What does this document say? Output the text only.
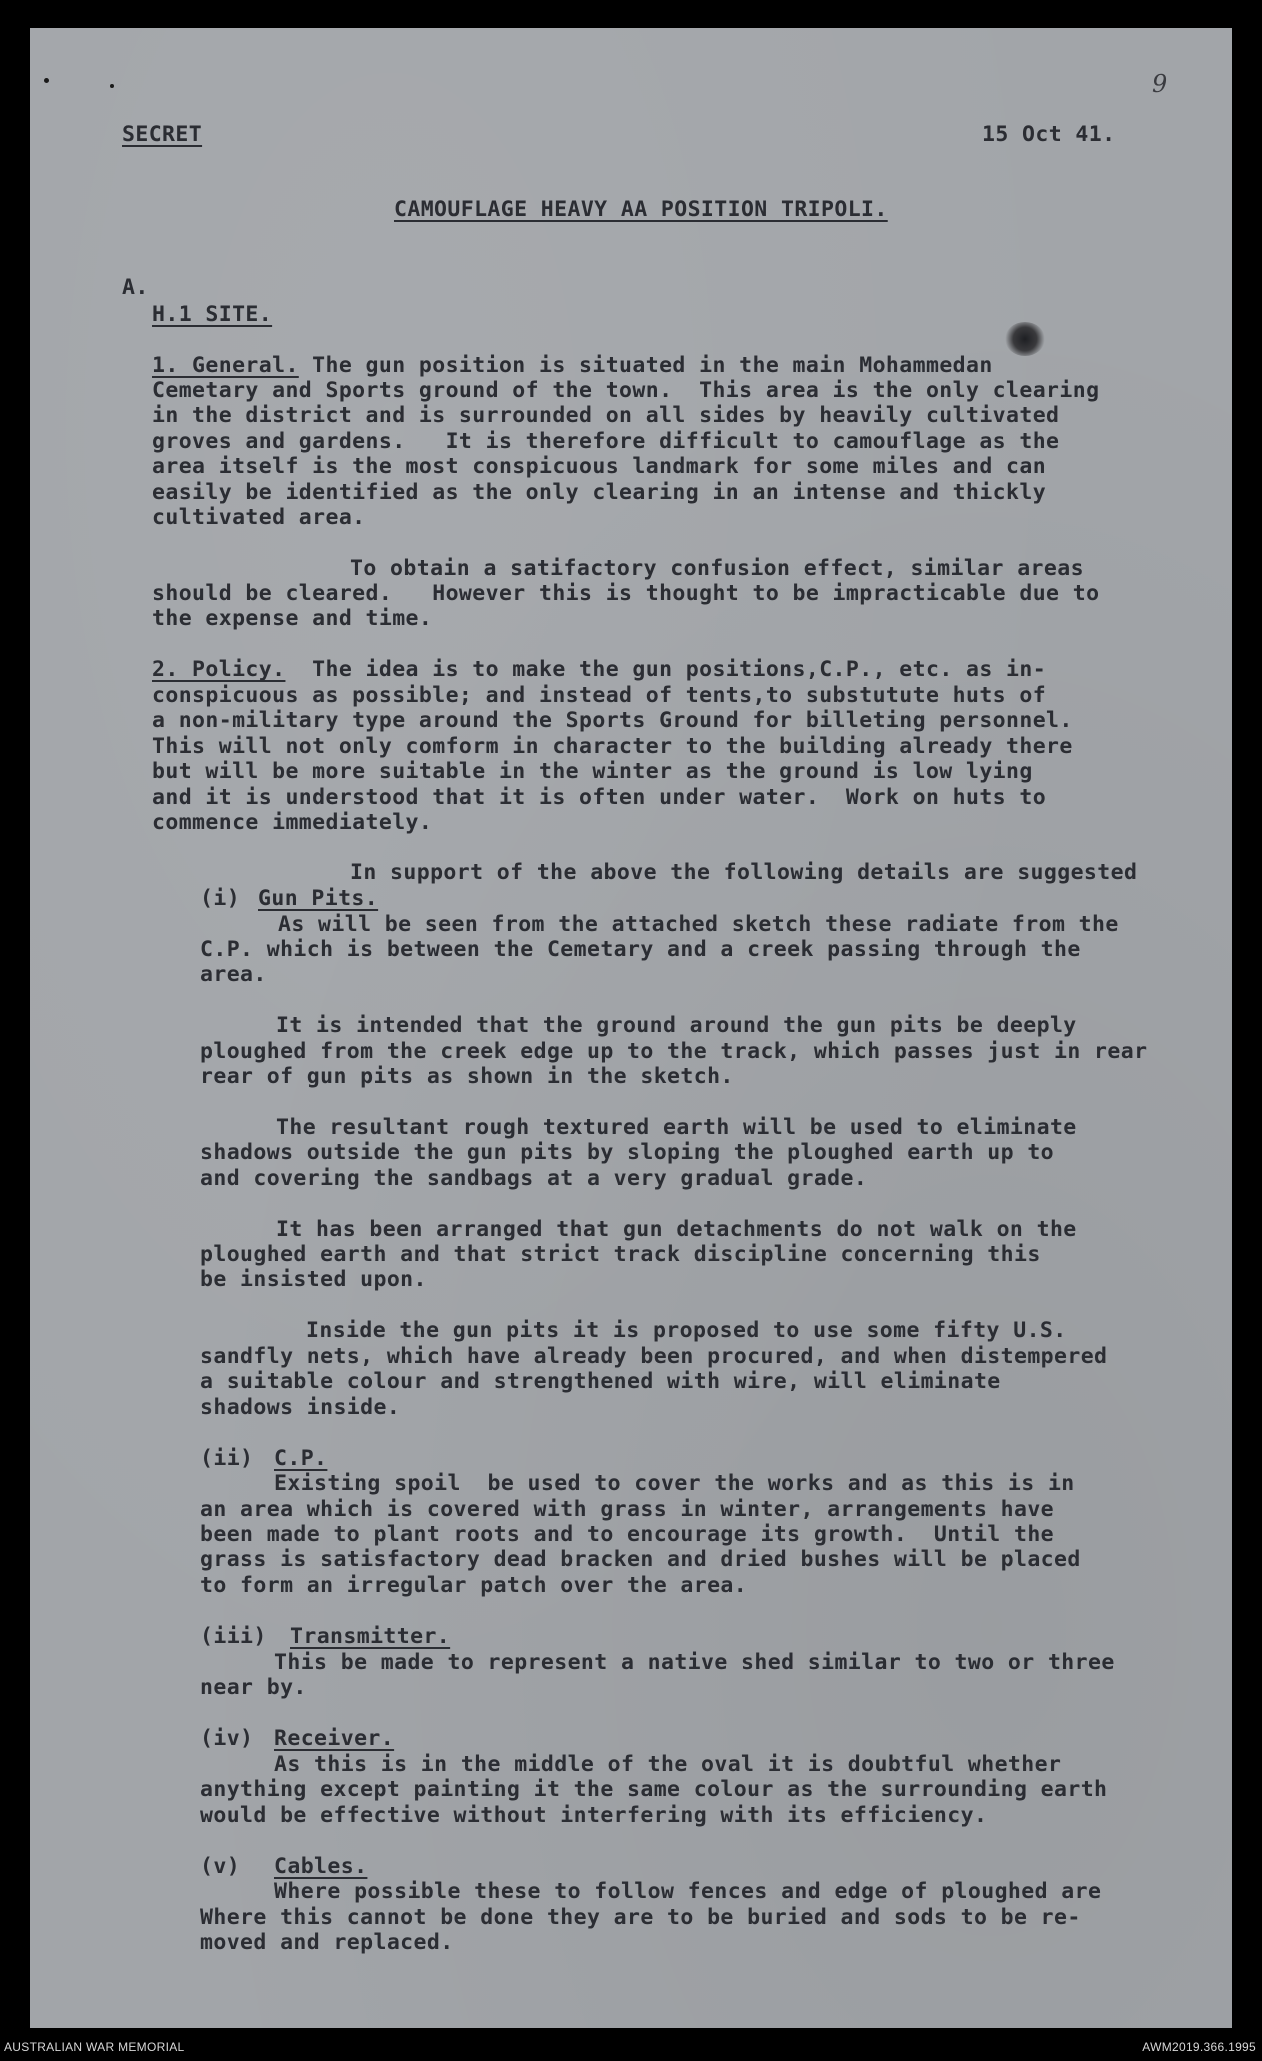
9
SECRET	15 Oct 41.
CAMOUFLAGE HEAVY AA POSITION TRIPOLI.
A.
H.1 SITE.
1. General. The gun position is situated in the main Mohammedan
Cemetary and Sports ground of the town.  This area is the only clearing
in the district and is surrounded on all sides by heavily cultivated
groves and gardens.   It is therefore difficult to camouflage as the
area itself is the most conspicuous landmark for some miles and can
easily be identified as the only clearing in an intense and thickly
cultivated area.
To obtain a satifactory confusion effect, similar areas
should be cleared.   However this is thought to be impracticable due to
the expense and time.
2. Policy.  The idea is to make the gun positions,C.P., etc. as in-
conspicuous as possible; and instead of tents,to substutute huts of
a non-military type around the Sports Ground for billeting personnel.
This will not only comform in character to the building already there
but will be more suitable in the winter as the ground is low lying
and it is understood that it is often under water.  Work on huts to
commence immediately.
In support of the above the following details are suggested
(i) Gun Pits.
As will be seen from the attached sketch these radiate from the
C.P. which is between the Cemetary and a creek passing through the
area.
It is intended that the ground around the gun pits be deeply
ploughed from the creek edge up to the track, which passes just in rear
rear of gun pits as shown in the sketch.
The resultant rough textured earth will be used to eliminate
shadows outside the gun pits by sloping the ploughed earth up to
and covering the sandbags at a very gradual grade.
It has been arranged that gun detachments do not walk on the
ploughed earth and that strict track discipline concerning this
be insisted upon.
Inside the gun pits it is proposed to use some fifty U.S.
sandfly nets, which have already been procured, and when distempered
a suitable colour and strengthened with wire, will eliminate
shadows inside.
(ii) C.P.
Existing spoil  be used to cover the works and as this is in
an area which is covered with grass in winter, arrangements have
been made to plant roots and to encourage its growth.  Until the
grass is satisfactory dead bracken and dried bushes will be placed
to form an irregular patch over the area.
(iii) Transmitter.
This be made to represent a native shed similar to two or three
near by.
(iv) Receiver.
As this is in the middle of the oval it is doubtful whether
anything except painting it the same colour as the surrounding earth
would be effective without interfering with its efficiency.
(v) Cables.
Where possible these to follow fences and edge of ploughed are
Where this cannot be done they are to be buried and sods to be re-
moved and replaced.
AUSTRALIAN WAR MEMORIAL	AWM2019.366.1995
